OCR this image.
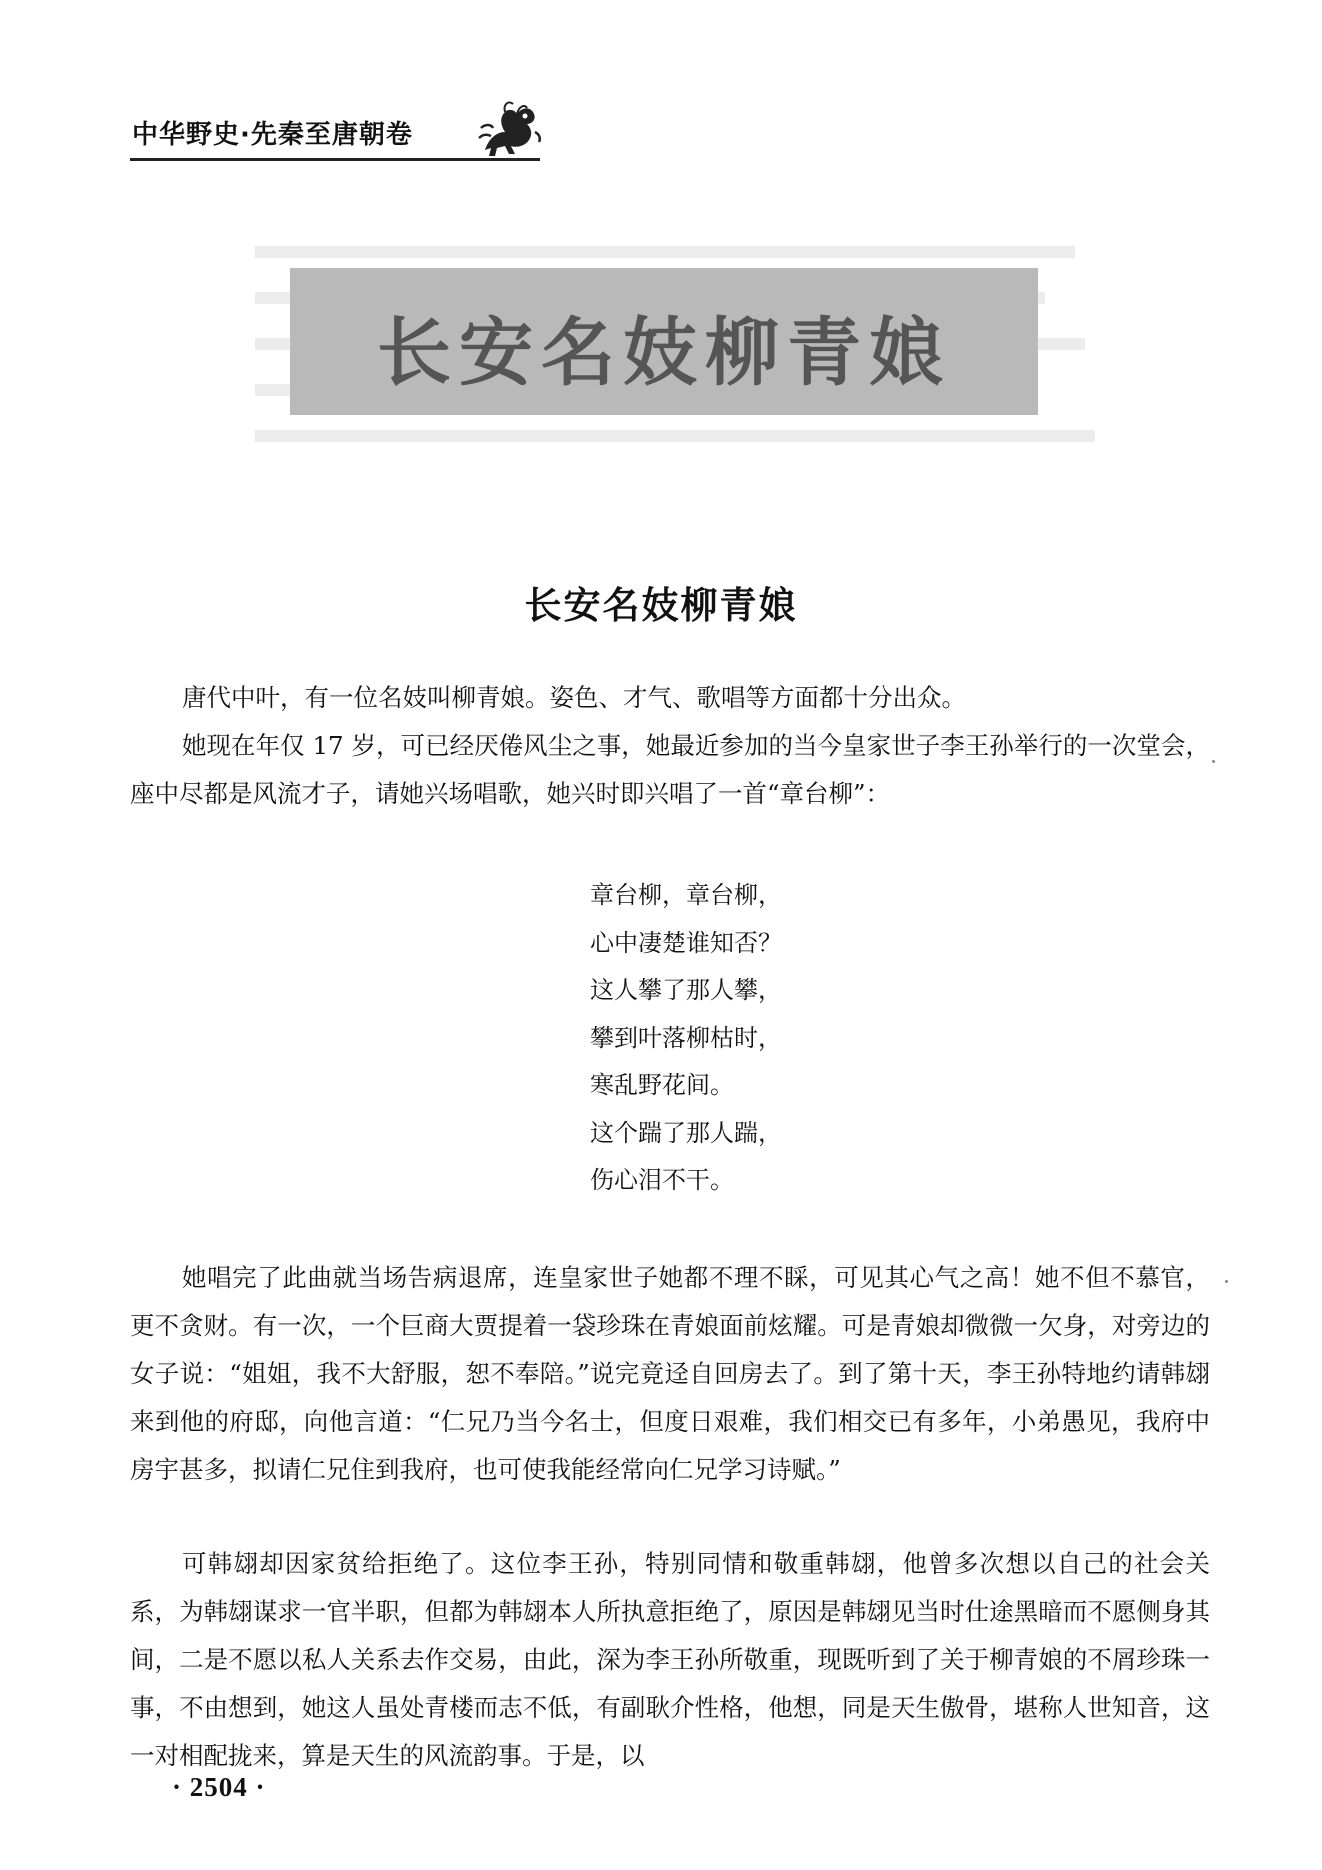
中华野史·先秦至唐朝卷
长安名妓柳青娘
长安名妓柳青娘

唐代中叶，有一位名妓叫柳青娘。姿色、才气、歌唱等方面都十分出众。

她现在年仅 17 岁，可已经厌倦风尘之事，她最近参加的当今皇家世子李王孙举行的一次堂会，座中尽都是风流才子，请她兴场唱歌，她兴时即兴唱了一首“章台柳”：

章台柳，章台柳，
心中凄楚谁知否？
这人攀了那人攀，
攀到叶落柳枯时，
寒乱野花间。
这个踹了那人踹，
伤心泪不干。

她唱完了此曲就当场告病退席，连皇家世子她都不理不睬，可见其心气之高！她不但不慕官，更不贪财。有一次，一个巨商大贾提着一袋珍珠在青娘面前炫耀。可是青娘却微微一欠身，对旁边的女子说：“姐姐，我不大舒服，恕不奉陪。”说完竟迳自回房去了。到了第十天，李王孙特地约请韩翃来到他的府邸，向他言道：“仁兄乃当今名士，但度日艰难，我们相交已有多年，小弟愚见，我府中房宇甚多，拟请仁兄住到我府，也可使我能经常向仁兄学习诗赋。”

可韩翃却因家贫给拒绝了。这位李王孙，特别同情和敬重韩翃，他曾多次想以自己的社会关系，为韩翃谋求一官半职，但都为韩翃本人所执意拒绝了，原因是韩翃见当时仕途黑暗而不愿侧身其间，二是不愿以私人关系去作交易，由此，深为李王孙所敬重，现既听到了关于柳青娘的不屑珍珠一事，不由想到，她这人虽处青楼而志不低，有副耿介性格，他想，同是天生傲骨，堪称人世知音，这一对相配拢来，算是天生的风流韵事。于是，以

· 2504 ·
